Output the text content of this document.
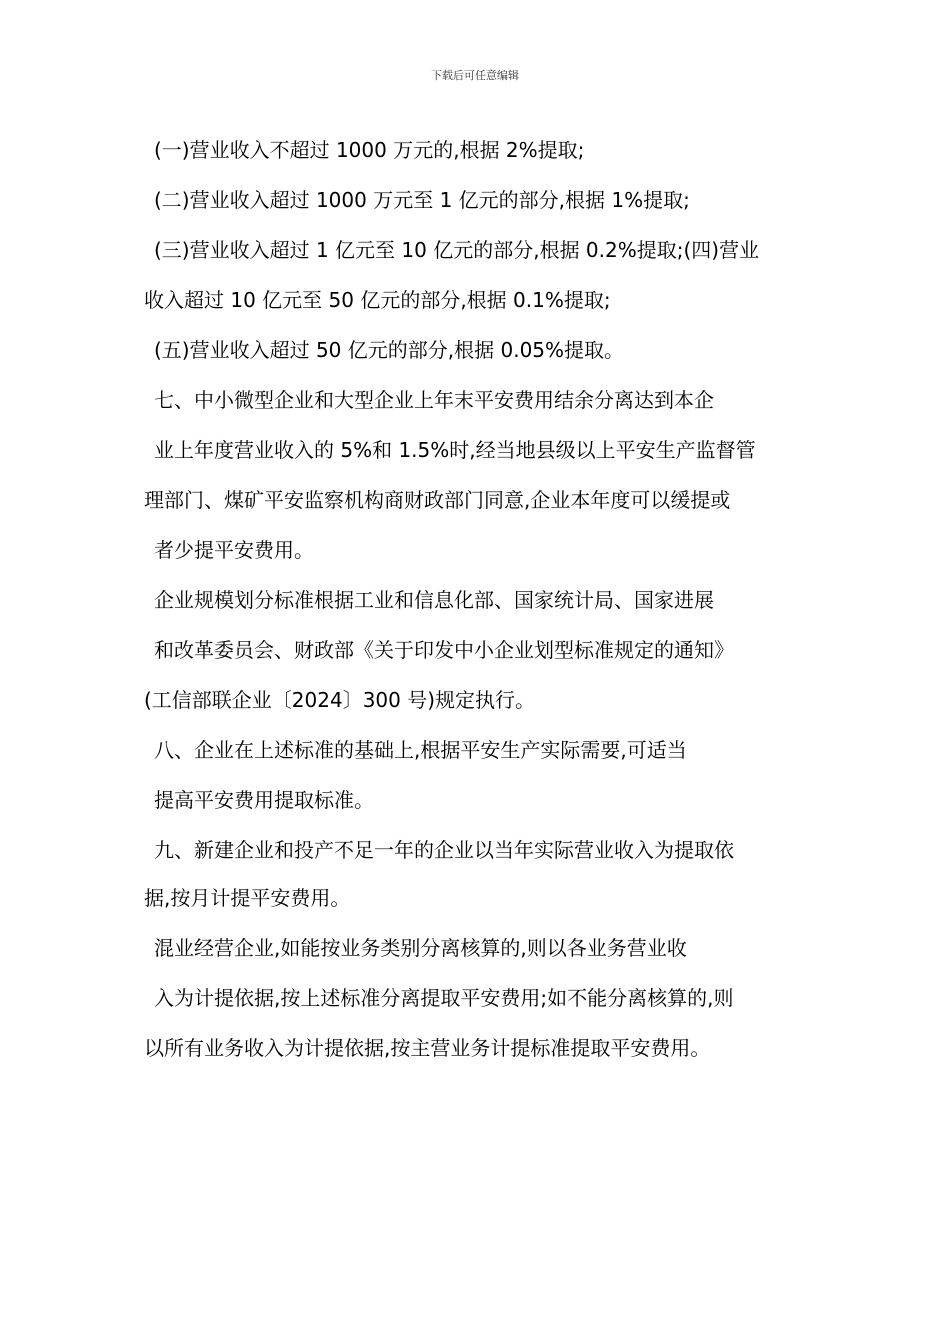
下载后可任意编辑
(一)营业收入不超过 1000 万元的,根据 2%提取;
(二)营业收入超过 1000 万元至 1 亿元的部分,根据 1%提取;
(三)营业收入超过 1 亿元至 10 亿元的部分,根据 0.2%提取;(四)营业
收入超过 10 亿元至 50 亿元的部分,根据 0.1%提取;
(五)营业收入超过 50 亿元的部分,根据 0.05%提取。
七、中小微型企业和大型企业上年末平安费用结余分离达到本企
业上年度营业收入的 5%和 1.5%时,经当地县级以上平安生产监督管
理部门、煤矿平安监察机构商财政部门同意,企业本年度可以缓提或
者少提平安费用。
企业规模划分标准根据工业和信息化部、国家统计局、国家进展
和改革委员会、财政部《关于印发中小企业划型标准规定的通知》
(工信部联企业〔2024〕300 号)规定执行。
八、企业在上述标准的基础上,根据平安生产实际需要,可适当
提高平安费用提取标准。
九、新建企业和投产不足一年的企业以当年实际营业收入为提取依
据,按月计提平安费用。
混业经营企业,如能按业务类别分离核算的,则以各业务营业收
入为计提依据,按上述标准分离提取平安费用;如不能分离核算的,则
以所有业务收入为计提依据,按主营业务计提标准提取平安费用。
